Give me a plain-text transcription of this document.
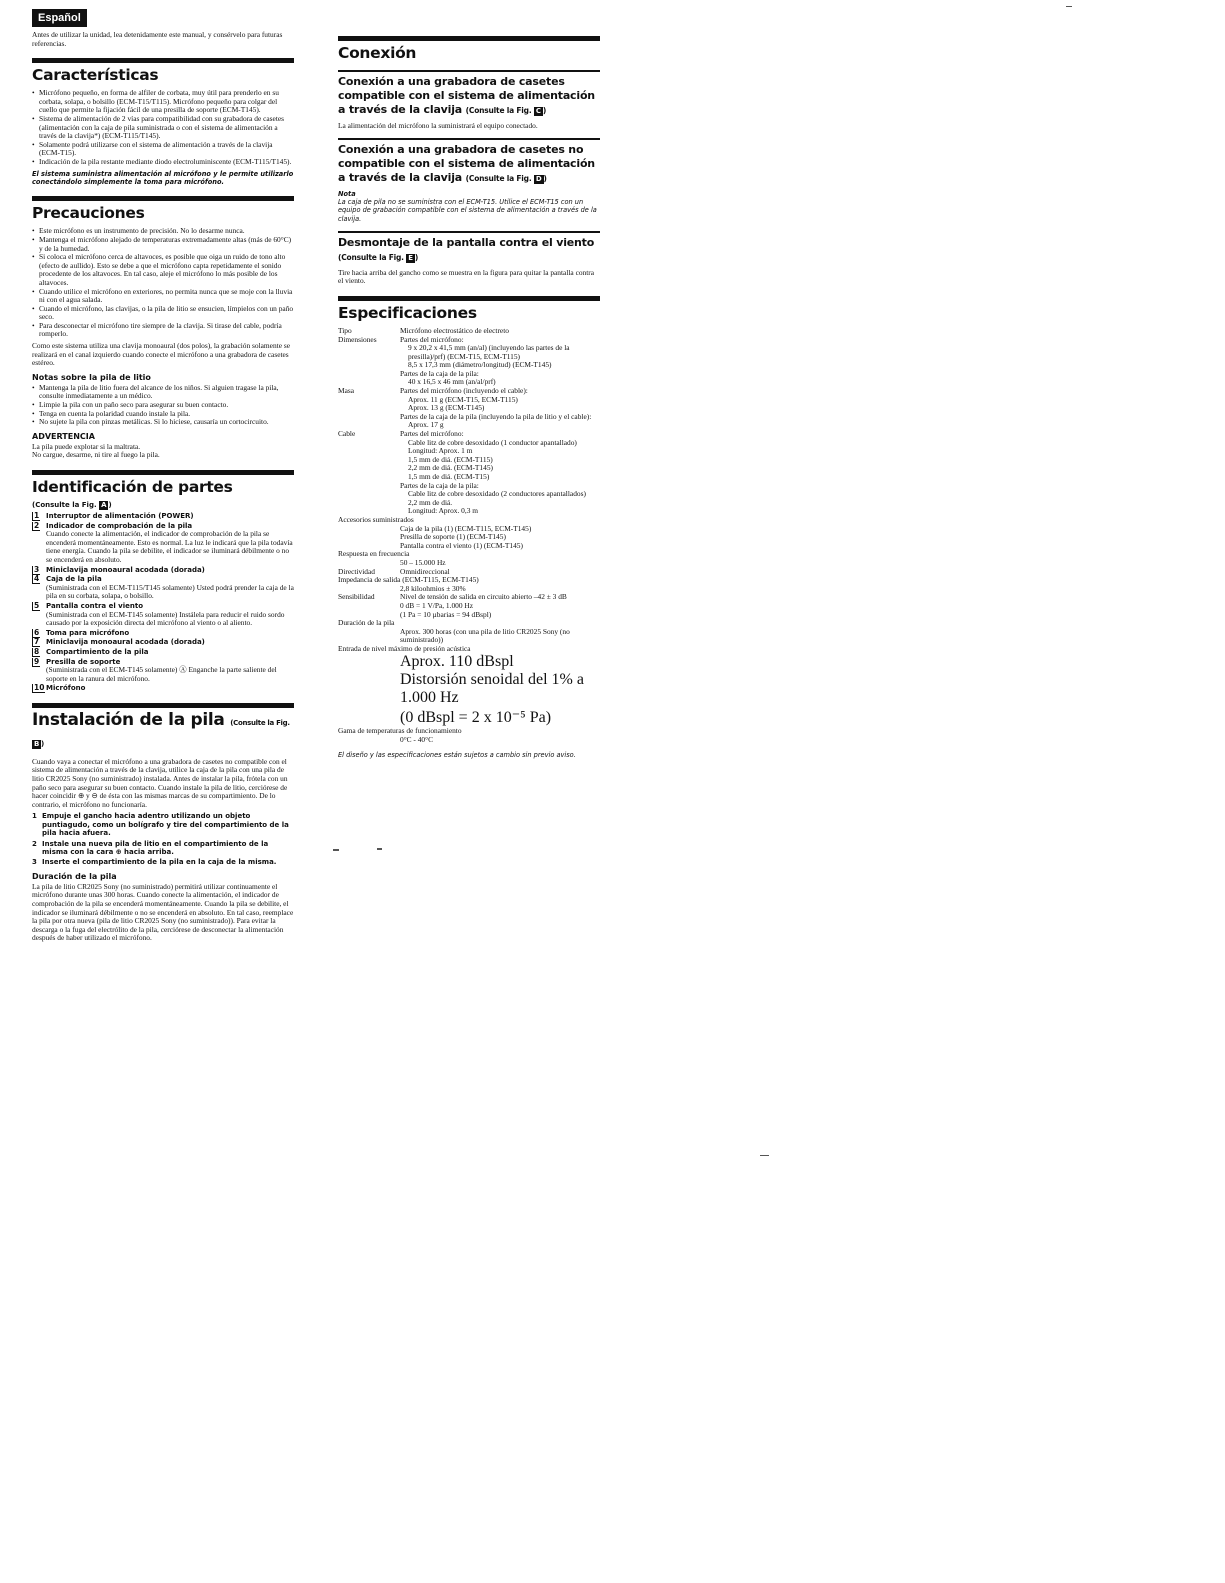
Español

Antes de utilizar la unidad, lea detenidamente este manual, y consérvelo para futuras referencias.

Características
• Micrófono pequeño, en forma de alfiler de corbata, muy útil para prenderlo en su corbata, solapa, o bolsillo (ECM-T15/T115). Micrófono pequeño para colgar del cuello que permite la fijación fácil de una presilla de soporte (ECM-T145).
• Sistema de alimentación de 2 vías para compatibilidad con su grabadora de casetes (alimentación con la caja de pila suministrada o con el sistema de alimentación a través de la clavija*) (ECM-T115/T145).
• Solamente podrá utilizarse con el sistema de alimentación a través de la clavija (ECM-T15).
• Indicación de la pila restante mediante diodo electroluminiscente (ECM-T115/T145).

El sistema suministra alimentación al micrófono y le permite utilizarlo conectándolo simplemente la toma para micrófono.

Precauciones
• Este micrófono es un instrumento de precisión. No lo desarme nunca.
• Mantenga el micrófono alejado de temperaturas extremadamente altas (más de 60°C) y de la humedad.
• Si coloca el micrófono cerca de altavoces, es posible que oiga un ruido de tono alto (efecto de aullido). Esto se debe a que el micrófono capta repetidamente el sonido procedente de los altavoces. En tal caso, aleje el micrófono lo más posible de los altavoces.
• Cuando utilice el micrófono en exteriores, no permita nunca que se moje con la lluvia ni con el agua salada.
• Cuando el micrófono, las clavijas, o la pila de litio se ensucien, límpielos con un paño seco.
• Para desconectar el micrófono tire siempre de la clavija. Si tirase del cable, podría romperlo.

Como este sistema utiliza una clavija monoaural (dos polos), la grabación solamente se realizará en el canal izquierdo cuando conecte el micrófono a una grabadora de casetes estéreo.

Notas sobre la pila de litio
• Mantenga la pila de litio fuera del alcance de los niños. Si alguien tragase la pila, consulte inmediatamente a un médico.
• Limpie la pila con un paño seco para asegurar su buen contacto.
• Tenga en cuenta la polaridad cuando instale la pila.
• No sujete la pila con pinzas metálicas. Si lo hiciese, causaría un cortocircuito.
ADVERTENCIA

La pila puede explotar si la maltrata.

No cargue, desarme, ni tire al fuego la pila.

Identificación de partes
(Consulte la Fig. A )
1 Interruptor de alimentación (POWER)
2 Indicador de comprobación de la pila
Cuando conecte la alimentación, el indicador de comprobación de la pila se encenderá momentáneamente. Esto es normal. La luz le indicará que la pila todavía tiene energía. Cuando la pila se debilite, el indicador se iluminará débilmente o no se encenderá en absoluto.
3 Miniclavija monoaural acodada (dorada)
4 Caja de la pila
(Suministrada con el ECM-T115/T145 solamente) Usted podrá prender la caja de la pila en su corbata, solapa, o bolsillo.
5 Pantalla contra el viento
(Suministrada con el ECM-T145 solamente) Instálela para reducir el ruido sordo causado por la exposición directa del micrófono al viento o al aliento.
6 Toma para micrófono
7 Miniclavija monoaural acodada (dorada)
8 Compartimiento de la pila
9 Presilla de soporte
(Suministrada con el ECM-T145 solamente) Ⓐ Enganche la parte saliente del soporte en la ranura del micrófono.
10 Micrófono
Instalación de la pila (Consulte la Fig. B )

Cuando vaya a conectar el micrófono a una grabadora de casetes no compatible con el sistema de alimentación a través de la clavija, utilice la caja de la pila con una pila de litio CR2025 Sony (no suministrado) instalada. Antes de instalar la pila, frótela con un paño seco para asegurar su buen contacto. Cuando instale la pila de litio, cerciórese de hacer coincidir ⊕ y ⊖ de ésta con las mismas marcas de su compartimiento. De lo contrario, el micrófono no funcionaría.

1 Empuje el gancho hacia adentro utilizando un objeto puntiagudo, como un bolígrafo y tire del compartimiento de la pila hacia afuera.
2 Instale una nueva pila de litio en el compartimiento de la misma con la cara ⊕ hacia arriba.
3 Inserte el compartimiento de la pila en la caja de la misma.
Duración de la pila

La pila de litio CR2025 Sony (no suministrado) permitirá utilizar continuamente el micrófono durante unas 300 horas. Cuando conecte la alimentación, el indicador de comprobación de la pila se encenderá momentáneamente. Cuando la pila se debilite, el indicador se iluminará débilmente o no se encenderá en absoluto. En tal caso, reemplace la pila por otra nueva (pila de litio CR2025 Sony (no suministrado)). Para evitar la descarga o la fuga del electrólito de la pila, cerciórese de desconectar la alimentación después de haber utilizado el micrófono.

Conexión
Conexión a una grabadora de casetes compatible con el sistema de alimentación a través de la clavija (Consulte la Fig. C )

La alimentación del micrófono la suministrará el equipo conectado.

Conexión a una grabadora de casetes no compatible con el sistema de alimentación a través de la clavija (Consulte la Fig. D )
Nota

La caja de pila no se suministra con el ECM-T15. Utilice el ECM-T15 con un equipo de grabación compatible con el sistema de alimentación a través de la clavija.

Desmontaje de la pantalla contra el viento
(Consulte la Fig. E )

Tire hacia arriba del gancho como se muestra en la figura para quitar la pantalla contra el viento.

Especificaciones
Tipo	Micrófono electrostático de electreto
Dimensiones	Partes del micrófono:
9 x 20,2 x 41,5 mm (an/al) (incluyendo las partes de la presilla)/prf) (ECM-T15, ECM-T115)
8,5 x 17,3 mm (diámetro/longitud) (ECM-T145)
Partes de la caja de la pila:
40 x 16,5 x 46 mm (an/al/prf)
Masa	Partes del micrófono (incluyendo el cable):
Aprox. 11 g (ECM-T15, ECM-T115)
Aprox. 13 g (ECM-T145)
Partes de la caja de la pila (incluyendo la pila de litio y el cable):
Aprox. 17 g
Cable	Partes del micrófono:
Cable litz de cobre desoxidado (1 conductor apantallado)
Longitud: Aprox. 1 m
1,5 mm de diá. (ECM-T115)
2,2 mm de diá. (ECM-T145)
1,5 mm de diá. (ECM-T15)
Partes de la caja de la pila:
Cable litz de cobre desoxidado (2 conductores apantallados)
2,2 mm de diá.
Longitud: Aprox. 0,3 m

Accesorios suministrados

Caja de la pila (1) (ECM-T115, ECM-T145)
Presilla de soporte (1) (ECM-T145)
Pantalla contra el viento (1) (ECM-T145)

Respuesta en frecuencia

50 – 15.000 Hz

Directividad	Omnidireccional

Impedancia de salida (ECM-T115, ECM-T145)

2,8 kiloohmios ± 30%

Sensibilidad	Nivel de tensión de salida en circuito abierto –42 ± 3 dB
0 dB = 1 V/Pa, 1.000 Hz
(1 Pa = 10 µbarias = 94 dBspl)

Duración de la pila

Aprox. 300 horas (con una pila de litio CR2025 Sony (no suministrado))

Entrada de nivel máximo de presión acústica

Aprox. 110 dBspl
Distorsión senoidal del 1% a 1.000 Hz
(0 dBspl = 2 x 10⁻⁵ Pa)

Gama de temperaturas de funcionamiento

0°C - 40°C

El diseño y las especificaciones están sujetos a cambio sin previo aviso.
